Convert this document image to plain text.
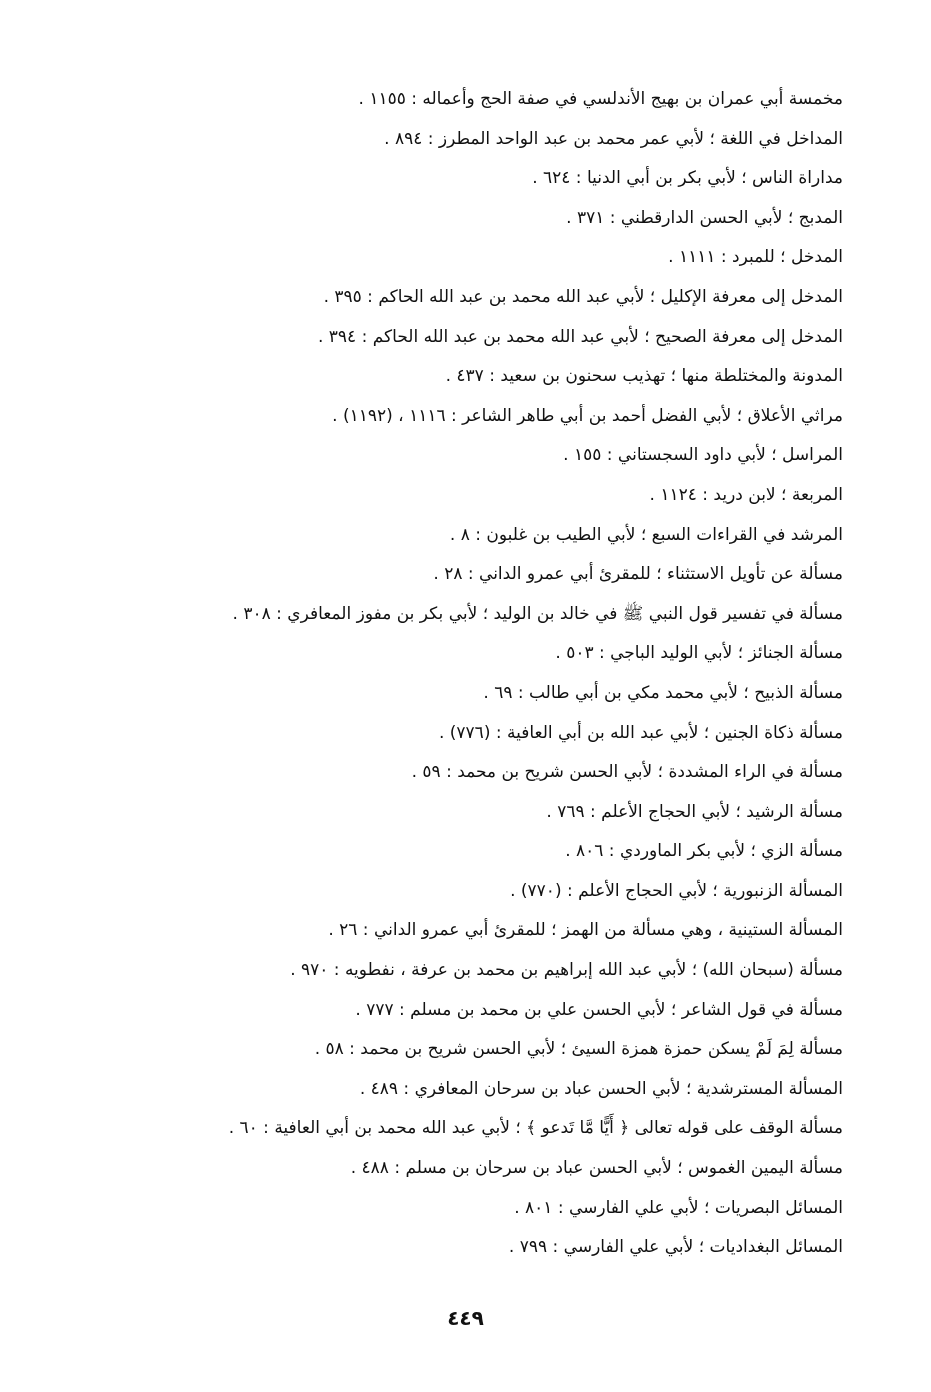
مخمسة أبي عمران بن بهيج الأندلسي في صفة الحج وأعماله : ١١٥٥ .
المداخل في اللغة ؛ لأبي عمر محمد بن عبد الواحد المطرز : ٨٩٤ .
مداراة الناس ؛ لأبي بكر بن أبي الدنيا : ٦٢٤ .
المدبج ؛ لأبي الحسن الدارقطني : ٣٧١ .
المدخل ؛ للمبرد : ١١١١ .
المدخل إلى معرفة الإكليل ؛ لأبي عبد الله محمد بن عبد الله الحاكم : ٣٩٥ .
المدخل إلى معرفة الصحيح ؛ لأبي عبد الله محمد بن عبد الله الحاكم : ٣٩٤ .
المدونة والمختلطة منها ؛ تهذيب سحنون بن سعيد : ٤٣٧ .
مراثي الأعلاق ؛ لأبي الفضل أحمد بن أبي طاهر الشاعر : ١١١٦ ، (١١٩٢) .
المراسل ؛ لأبي داود السجستاني : ١٥٥ .
المربعة ؛ لابن دريد : ١١٢٤ .
المرشد في القراءات السبع ؛ لأبي الطيب بن غلبون : ٨ .
مسألة عن تأويل الاستثناء ؛ للمقرئ أبي عمرو الداني : ٢٨ .
مسألة في تفسير قول النبي ﷺ في خالد بن الوليد ؛ لأبي بكر بن مفوز المعافري : ٣٠٨ .
مسألة الجنائز ؛ لأبي الوليد الباجي : ٥٠٣ .
مسألة الذبيح ؛ لأبي محمد مكي بن أبي طالب : ٦٩ .
مسألة ذكاة الجنين ؛ لأبي عبد الله بن أبي العافية : (٧٧٦) .
مسألة في الراء المشددة ؛ لأبي الحسن شريح بن محمد : ٥٩ .
مسألة الرشيد ؛ لأبي الحجاج الأعلم : ٧٦٩ .
مسألة الزي ؛ لأبي بكر الماوردي : ٨٠٦ .
المسألة الزنبورية ؛ لأبي الحجاج الأعلم : (٧٧٠) .
المسألة الستينية ، وهي مسألة من الهمز ؛ للمقرئ أبي عمرو الداني : ٢٦ .
مسألة (سبحان الله) ؛ لأبي عبد الله إبراهيم بن محمد بن عرفة ، نفطويه : ٩٧٠ .
مسألة في قول الشاعر ؛ لأبي الحسن علي بن محمد بن مسلم : ٧٧٧ .
مسألة لِمَ لَمْ يسكن حمزة همزة السيئ ؛ لأبي الحسن شريح بن محمد : ٥٨ .
المسألة المسترشدية ؛ لأبي الحسن عباد بن سرحان المعافري : ٤٨٩ .
مسألة الوقف على قوله تعالى ﴿ أَيًّا مَّا تَدعو ﴾ ؛ لأبي عبد الله محمد بن أبي العافية : ٦٠ .
مسألة اليمين الغموس ؛ لأبي الحسن عباد بن سرحان بن مسلم : ٤٨٨ .
المسائل البصريات ؛ لأبي علي الفارسي : ٨٠١ .
المسائل البغداديات ؛ لأبي علي الفارسي : ٧٩٩ .
٤٤٩
